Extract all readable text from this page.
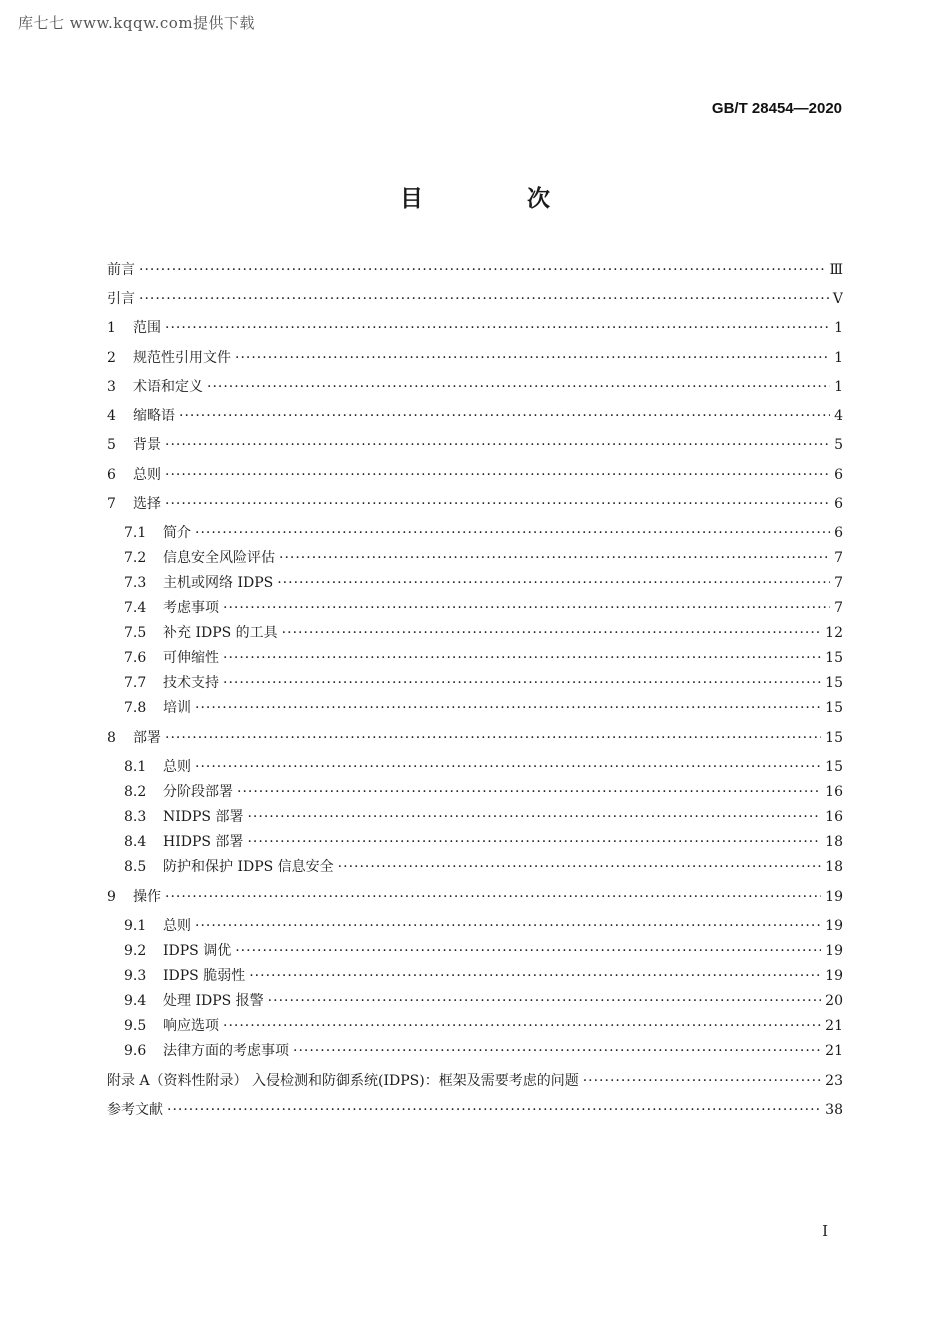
库七七 www.kqqw.com提供下载
GB/T 28454—2020
目 次
前言 ·····	Ⅲ
引言 ·····	Ⅴ
1	范围 ·····	1
2	规范性引用文件 ·····	1
3	术语和定义 ·····	1
4	缩略语 ·····	4
5	背景 ·····	5
6	总则 ·····	6
7	选择 ·····	6
7.1	简介 ·····	6
7.2	信息安全风险评估 ·····	7
7.3	主机或网络 IDPS ·····	7
7.4	考虑事项 ·····	7
7.5	补充 IDPS 的工具 ·····	12
7.6	可伸缩性 ·····	15
7.7	技术支持 ·····	15
7.8	培训 ·····	15
8	部署 ·····	15
8.1	总则 ·····	15
8.2	分阶段部署 ·····	16
8.3	NIDPS 部署 ·····	16
8.4	HIDPS 部署 ·····	18
8.5	防护和保护 IDPS 信息安全 ·····	18
9	操作 ·····	19
9.1	总则 ·····	19
9.2	IDPS 调优 ·····	19
9.3	IDPS 脆弱性 ·····	19
9.4	处理 IDPS 报警 ·····	20
9.5	响应选项 ·····	21
9.6	法律方面的考虑事项 ·····	21
附录 A（资料性附录） 入侵检测和防御系统(IDPS)：框架及需要考虑的问题 ·····	23
参考文献 ·····	38
I
